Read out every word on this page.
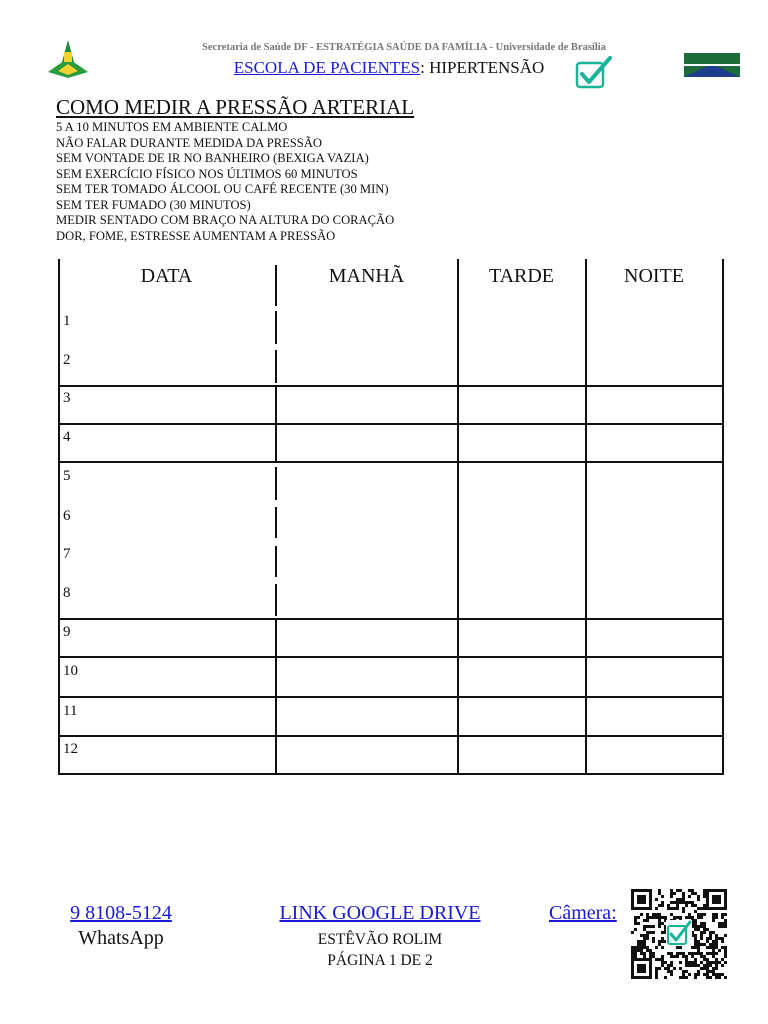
Secretaria de Saúde DF - ESTRATÉGIA SAÚDE DA FAMÍLIA - Universidade de Brasília
ESCOLA DE PACIENTES: HIPERTENSÃO
COMO MEDIR A PRESSÃO ARTERIAL
5 A 10 MINUTOS EM AMBIENTE CALMO
NÃO FALAR DURANTE MEDIDA DA PRESSÃO
SEM VONTADE DE IR NO BANHEIRO (BEXIGA VAZIA)
SEM EXERCÍCIO FÍSICO NOS ÚLTIMOS 60 MINUTOS
SEM TER TOMADO ÁLCOOL OU CAFÉ RECENTE (30 MIN)
SEM TER FUMADO (30 MINUTOS)
MEDIR SENTADO COM BRAÇO NA ALTURA DO CORAÇÃO
DOR, FOME, ESTRESSE AUMENTAM A PRESSÃO
DATA	MANHÃ	TARDE	NOITE
1
2
3
4
5
6
7
8
9
10
11
12
9 8108-5124
WhatsApp
LINK GOOGLE DRIVE
ESTÊVÃO ROLIM
PÁGINA 1 DE 2
Câmera:
